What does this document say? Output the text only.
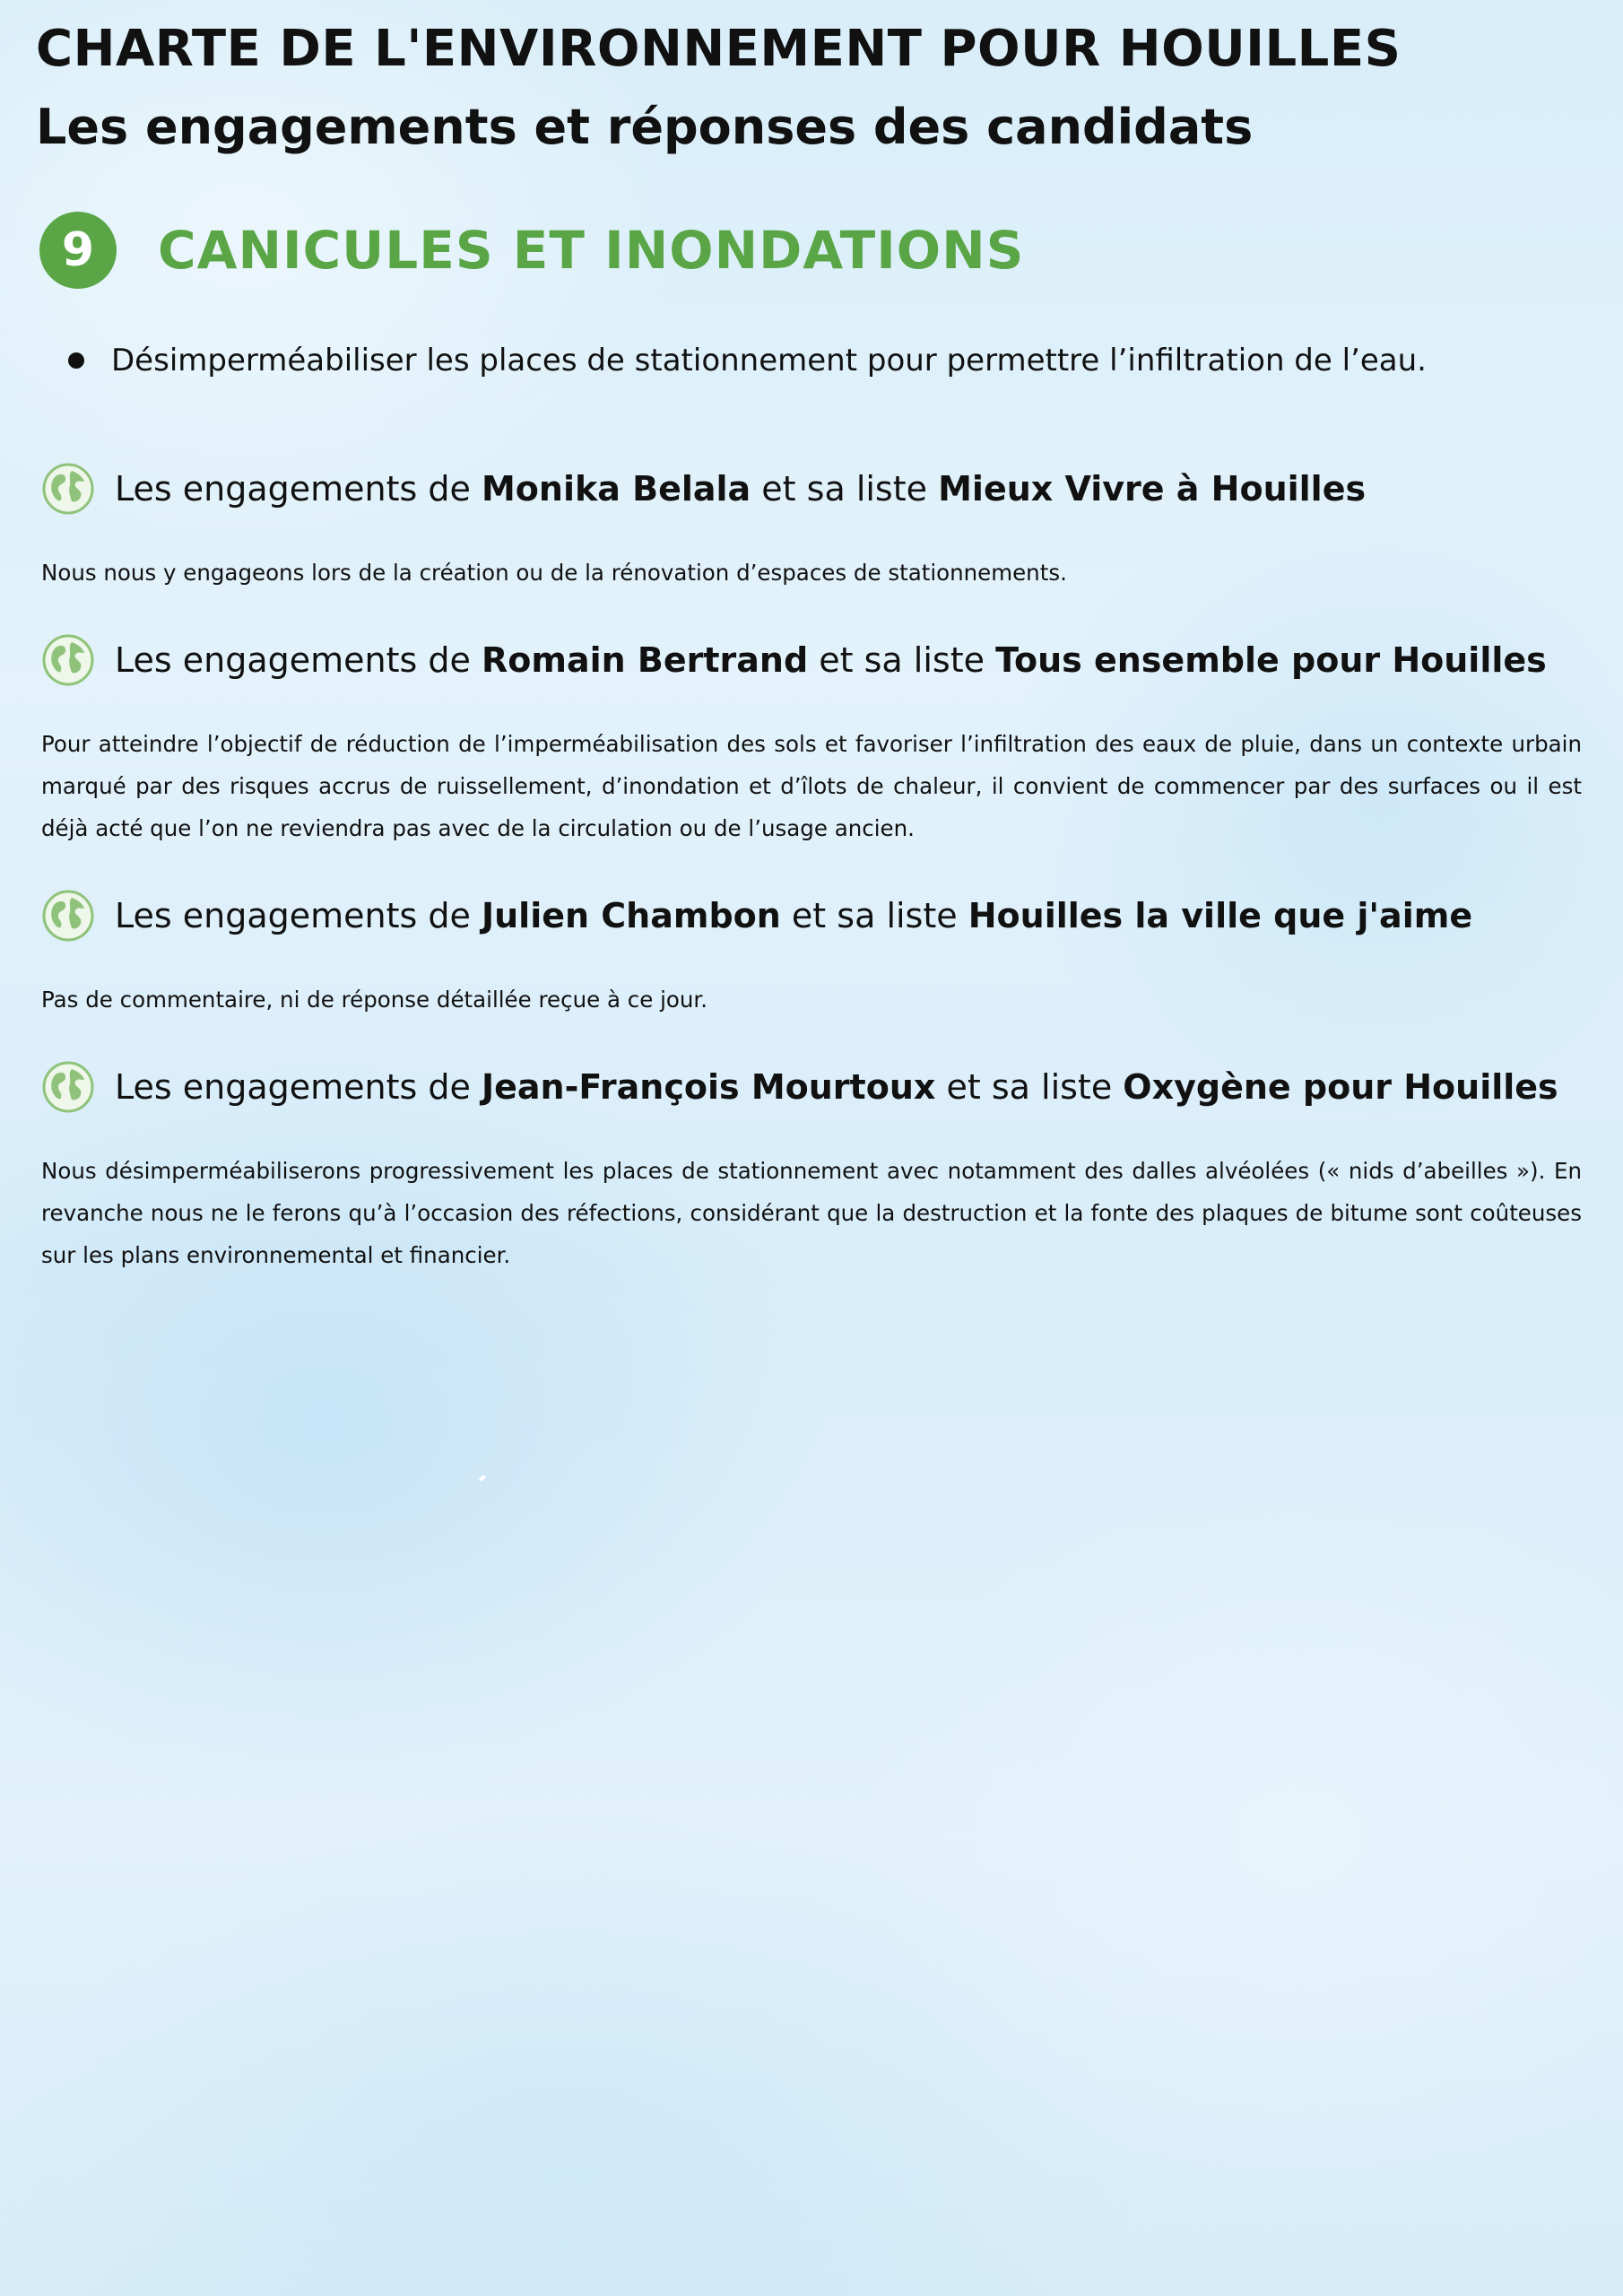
CHARTE DE L'ENVIRONNEMENT POUR HOUILLES
Les engagements et réponses des candidats
9	CANICULES ET INONDATIONS
Désimperméabiliser les places de stationnement pour permettre l’infiltration de l’eau.
Les engagements de Monika Belala et sa liste Mieux Vivre à Houilles
Nous nous y engageons lors de la création ou de la rénovation d’espaces de stationnements.
Les engagements de Romain Bertrand et sa liste Tous ensemble pour Houilles
Pour atteindre l’objectif de réduction de l’imperméabilisation des sols et favoriser l’infiltration des eaux de pluie, dans un contexte urbain marqué par des risques accrus de ruissellement, d’inondation et d’îlots de chaleur, il convient de commencer par des surfaces ou il est déjà acté que l’on ne reviendra pas avec de la circulation ou de l’usage ancien.
Les engagements de Julien Chambon et sa liste Houilles la ville que j'aime
Pas de commentaire, ni de réponse détaillée reçue à ce jour.
Les engagements de Jean-François Mourtoux et sa liste Oxygène pour Houilles
Nous désimperméabiliserons progressivement les places de stationnement avec notamment des dalles alvéolées (« nids d’abeilles »). En revanche nous ne le ferons qu’à l’occasion des réfections, considérant que la destruction et la fonte des plaques de bitume sont coûteuses sur les plans environnemental et financier.
